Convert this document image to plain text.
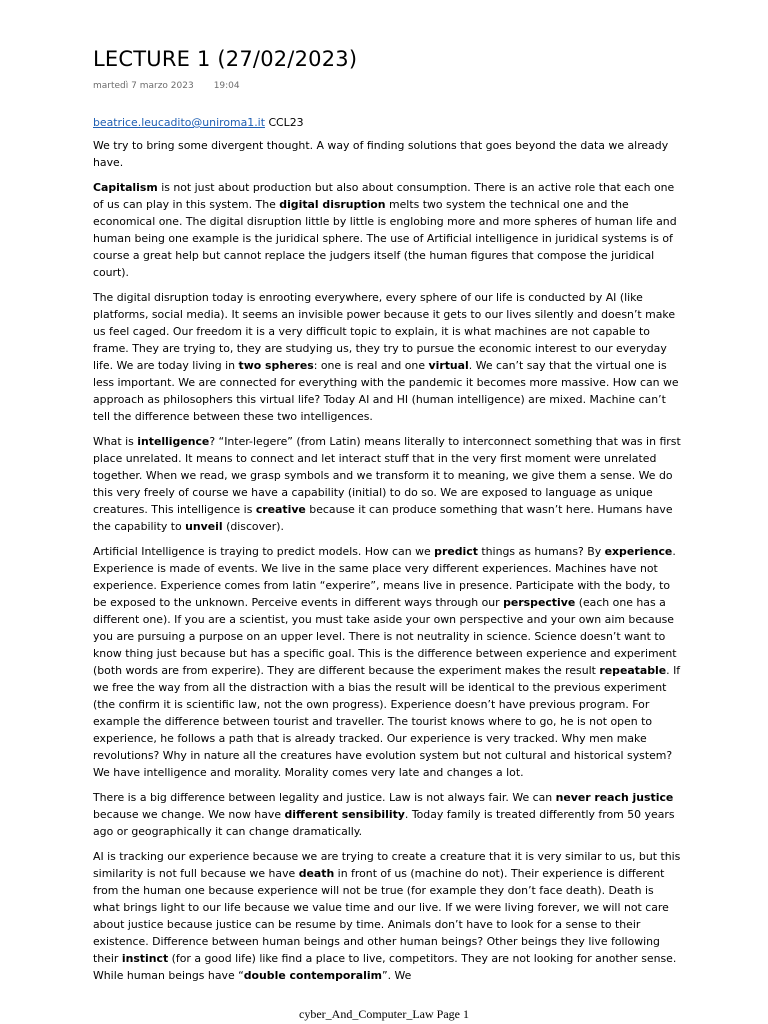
LECTURE 1 (27/02/2023)
martedì 7 marzo 2023 19:04
beatrice.leucadito@uniroma1.it CCL23

We try to bring some divergent thought. A way of finding solutions that goes beyond the data we already have.

Capitalism is not just about production but also about consumption. There is an active role that each one of us can play in this system. The digital disruption melts two system the technical one and the economical one. The digital disruption little by little is englobing more and more spheres of human life and human being one example is the juridical sphere. The use of Artificial intelligence in juridical systems is of course a great help but cannot replace the judgers itself (the human figures that compose the juridical court).

The digital disruption today is enrooting everywhere, every sphere of our life is conducted by AI (like platforms, social media). It seems an invisible power because it gets to our lives silently and doesn’t make us feel caged. Our freedom it is a very difficult topic to explain, it is what machines are not capable to frame. They are trying to, they are studying us, they try to pursue the economic interest to our everyday life. We are today living in two spheres: one is real and one virtual. We can’t say that the virtual one is less important. We are connected for everything with the pandemic it becomes more massive. How can we approach as philosophers this virtual life? Today AI and HI (human intelligence) are mixed. Machine can’t tell the difference between these two intelligences.

What is intelligence? “Inter-legere” (from Latin) means literally to interconnect something that was in first place unrelated. It means to connect and let interact stuff that in the very first moment were unrelated together. When we read, we grasp symbols and we transform it to meaning, we give them a sense. We do this very freely of course we have a capability (initial) to do so. We are exposed to language as unique creatures. This intelligence is creative because it can produce something that wasn’t here. Humans have the capability to unveil (discover).

Artificial Intelligence is traying to predict models. How can we predict things as humans? By experience. Experience is made of events. We live in the same place very different experiences. Machines have not experience. Experience comes from latin “experire”, means live in presence. Participate with the body, to be exposed to the unknown. Perceive events in different ways through our perspective (each one has a different one). If you are a scientist, you must take aside your own perspective and your own aim because you are pursuing a purpose on an upper level. There is not neutrality in science. Science doesn’t want to know thing just because but has a specific goal. This is the difference between experience and experiment (both words are from experire). They are different because the experiment makes the result repeatable. If we free the way from all the distraction with a bias the result will be identical to the previous experiment (the confirm it is scientific law, not the own progress). Experience doesn’t have previous program. For example the difference between tourist and traveller. The tourist knows where to go, he is not open to experience, he follows a path that is already tracked. Our experience is very tracked. Why men make revolutions? Why in nature all the creatures have evolution system but not cultural and historical system? We have intelligence and morality. Morality comes very late and changes a lot.

There is a big difference between legality and justice. Law is not always fair. We can never reach justice because we change. We now have different sensibility. Today family is treated differently from 50 years ago or geographically it can change dramatically.

AI is tracking our experience because we are trying to create a creature that it is very similar to us, but this similarity is not full because we have death in front of us (machine do not). Their experience is different from the human one because experience will not be true (for example they don’t face death). Death is what brings light to our life because we value time and our live. If we were living forever, we will not care about justice because justice can be resume by time. Animals don’t have to look for a sense to their existence. Difference between human beings and other human beings? Other beings they live following their instinct (for a good life) like find a place to live, competitors. They are not looking for another sense. While human beings have “double contemporalim”. We

cyber_And_Computer_Law Page 1
